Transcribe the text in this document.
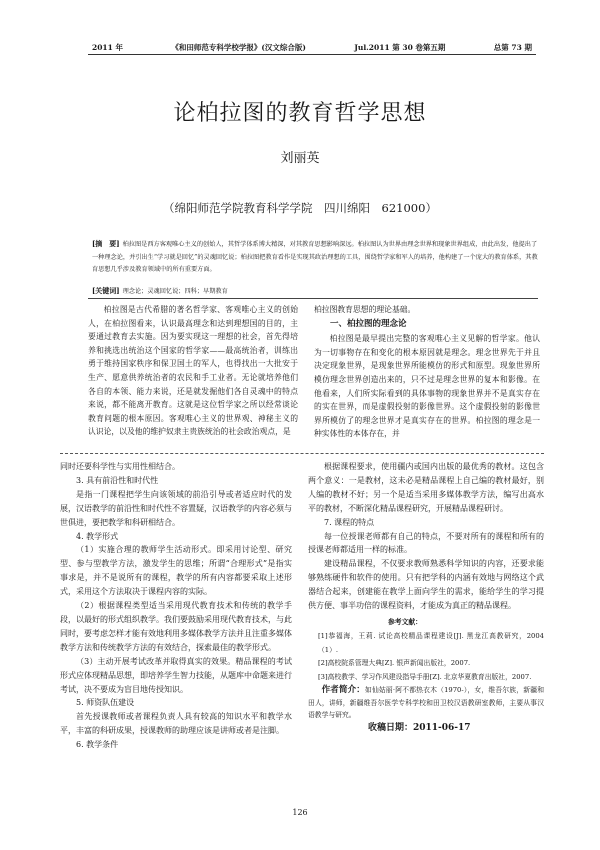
2011 年	《和田师范专科学校学报》(汉文综合版)	Jul.2011 第 30 卷第五期	总第 73 期
论柏拉图的教育哲学思想
刘丽英
（绵阳师范学院教育科学学院　四川绵阳　621000）
[摘　要] 柏拉图是西方客观唯心主义的创始人，其哲学体系博大精深，对其教育思想影响深远。柏拉图认为世界由理念世界和现象世界组成，由此出发，他提出了一种理念论，并引出生“学习就是回忆”的灵魂回忆说；柏拉图把教育看作是实现其政治理想的工具，围绕哲学家和军人的培养，他构建了一个庞大的教育体系，其教育思想几乎涉及教育领域中的所有重要方面。
[关键词] 理念论；灵魂回忆说；四科；早期教育

柏拉图是古代希腊的著名哲学家、客观唯心主义的创始人，在柏拉图看来，认识最高理念和达到理想国的目的，主要通过教育去实施。因为要实现这一理想的社会，首先得培养和挑选出统治这个国家的哲学家——最高统治者，训练出勇于维持国家秩序和保卫国土的军人，也得找出一大批安于生产、愿意供养统治者的农民和手工业者。无论就培养他们各自的本领、能力来说，还是就发掘他们各自灵魂中的特点来说，都不能离开教育。这就是这位哲学家之所以经常谈论教育问题的根本原因。客观唯心主义的世界观、神秘主义的认识论，以及他的维护奴隶主贵族统治的社会政治观点，是

柏拉图教育思想的理论基础。

一、柏拉图的理念论

柏拉图是最早提出完整的客观唯心主义见解的哲学家。他认为一切事物存在和变化的根本原因就是理念。理念世界先于并且决定现象世界，是现象世界所能模仿的形式和原型。现象世界所模仿理念世界创造出来的，只不过是理念世界的复本和影像。在他看来，人们所实际看到的具体事物的现象世界并不是真实存在的实在世界，而是虚假投射的影像世界。这个虚假投射的影像世界所模仿了的理念世界才是真实存在的世界。柏拉图的理念是一种实体性的本体存在，并

同时还要科学性与实用性相结合。

3. 具有前沿性和时代性

是指一门课程把学生向该领域的前沿引导或者适应时代的发展，汉语教学的前沿性和时代性不容置疑，汉语教学的内容必须与世俱进，要把教学和科研相结合。

4. 教学形式

（1）实施合理的教师学生活动形式。即采用讨论型、研究型、参与型教学方法，激发学生的思维；所谓“合理形式”是指实事求是，并不是说所有的课程，教学的所有内容都要采取上述形式，采用这个方法取决于课程内容的实际。

（2）根据课程类型适当采用现代教育技术和传统的教学手段，以最好的形式组织教学。我们要鼓励采用现代教育技术，与此同时，要考虑怎样才能有效地利用多媒体教学方法并且注重多媒体教学方法和传统教学方法的有效结合，探索最佳的教学形式。

（3）主动开展考试改革并取得真实的效果。精品课程的考试形式应体现精品思想，即培养学生智力技能，从题库中命题来进行考试，决不要成为盲目地传授知识。

5. 师资队伍建设

首先授课教师或者课程负责人具有较高的知识水平和教学水平，丰富的科研成果，授课教师的助理应该是讲师或者是注脚。

6. 教学条件

根据课程要求，使用疆内或国内出版的最优秀的教材。这包含两个意义：一是教材，这未必是精品课程上自己编的教材最好，别人编的教材不好；另一个是适当采用多媒体教学方法，编写出高水平的教材，不断深化精品课程研究，开展精品课程研讨。

7. 课程的特点

每一位授课老师都有自己的特点，不要对所有的课程和所有的授课老师都适用一样的标准。

建设精品课程，不仅要求教师熟悉科学知识的内容，还要求能够熟练硬件和软件的使用。只有把学科的内涵有效地与网络这个武器结合起来，创建能在教学上面向学生的需求，能给学生的学习提供方便、事半功倍的课程资料，才能成为真正的精品课程。

参考文献：

[1]恭福海，王莉. 试论高校精品课程建设[J]. 黑龙江高教研究，2004（1）.

[2]高校院系管理大典[Z]. 银声新闻出版社，2007.

[3]高校教学、学习作风建设指导手册[Z]. 北京华夏教育出版社，2007.

作者简介：如仙姑丽·阿不都热衣木（1970-），女，维吾尔族，新疆和田人，讲师，新疆维吾尔医学专科学校和田卫校汉语教研室教师，主要从事汉语教学与研究。

收稿日期：2011-06-17

126
